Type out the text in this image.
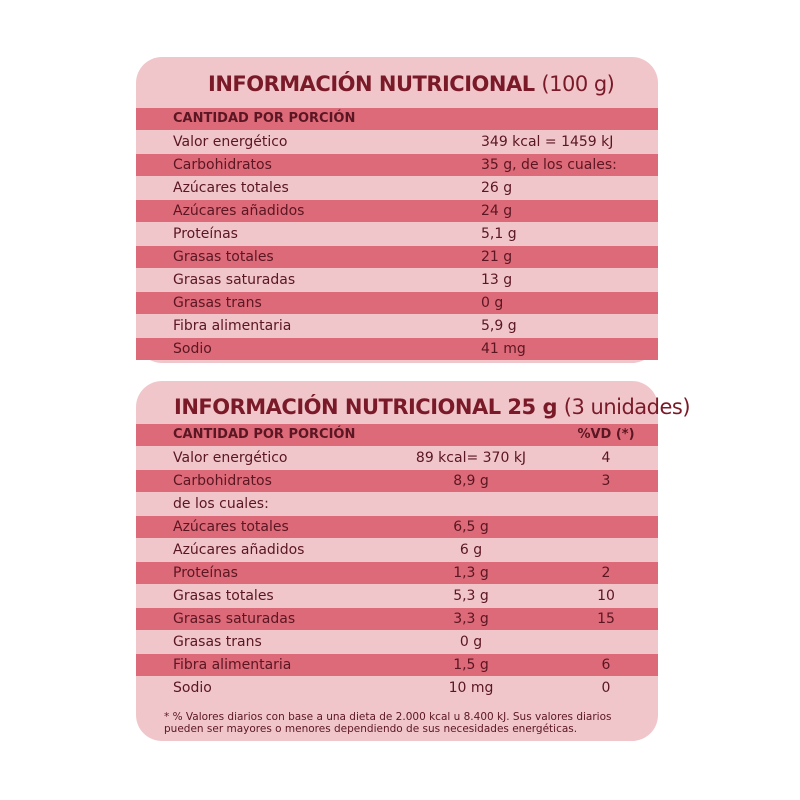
INFORMACIÓN NUTRICIONAL (100 g)
CANTIDAD POR PORCIÓN
Valor energético	349 kcal = 1459 kJ
Carbohidratos	35 g, de los cuales:
Azúcares totales	26 g
Azúcares añadidos	24 g
Proteínas	5,1 g
Grasas totales	21 g
Grasas saturadas	13 g
Grasas trans	0 g
Fibra alimentaria	5,9 g
Sodio	41 mg
INFORMACIÓN NUTRICIONAL 25 g (3 unidades)
CANTIDAD POR PORCIÓN	%VD (*)
Valor energético	89 kcal= 370 kJ	4
Carbohidratos	8,9 g	3
de los cuales:
Azúcares totales	6,5 g
Azúcares añadidos	6 g
Proteínas	1,3 g	2
Grasas totales	5,3 g	10
Grasas saturadas	3,3 g	15
Grasas trans	0 g
Fibra alimentaria	1,5 g	6
Sodio	10 mg	0
* % Valores diarios con base a una dieta de 2.000 kcal u 8.400 kJ. Sus valores diarios pueden ser mayores o menores dependiendo de sus necesidades energéticas.
